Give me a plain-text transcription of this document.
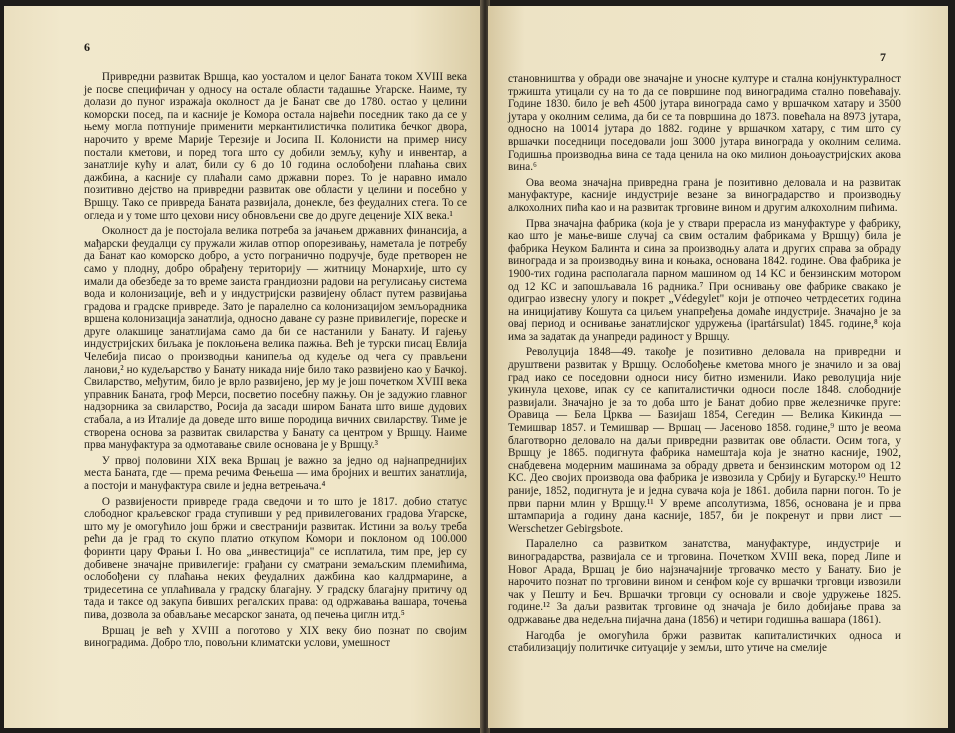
6

Привредни развитак Вршца, као уосталом и целог Баната током XVIII века је посве специфичан у односу на остале области тадашње Угарске. Наиме, ту долази до пуног изражаја околност да је Банат све до 1780. остао у целини коморски посед, па и касније је Комора остала највећи поседник тако да се у њему могла потпуније применити меркантилистичка политика бечког двора, нарочито у време Марије Терезије и Јосипа II. Колонисти на пример нису постали кметови, и поред тога што су добили земљу, кућу и инвентар, а занатлије кућу и алат, били су 6 до 10 година ослобођени плаћања свих дажбина, а касније су плаћали само државни порез. То је наравно имало позитивно дејство на привредни развитак ове области у целини и посебно у Вршцу. Тако се привреда Баната развијала, донекле, без феудалних стега. То се огледа и у томе што цехови нису обновљени све до друге деценије XIX века.¹

Околност да је постојала велика потреба за јачањем државних финансија, а мађарски феудалци су пружали жилав отпор опорезивању, наметала је потребу да Банат као коморско добро, а усто погранично подручје, буде претворен не само у плодну, добро обрађену територију — житницу Монархије, што су имали да обезбеде за то време заиста грандиозни радови на регулисању система вода и колонизације, већ и у индустријски развијену област путем развијања градова и градске привреде. Зато је паралелно са колонизацијом земљорадника вршена колонизација занатлија, односно даване су разне привилегије, пореске и друге олакшице занатлијама само да би се настанили у Банату. И гајењу индустријских биљака је поклоњена велика пажња. Већ је турски писац Евлија Челебија писао о производњи канипеља од кудеље од чега су прављени ланови,² но кудељарство у Банату никада није било тако развијено као у Бачкој. Свиларство, међутим, било је врло развијено, јер му је још почетком XVIII века управник Баната, гроф Мерси, посветио посебну пажњу. Он је задужио главног надзорника за свиларство, Росија да засади широм Баната што више дудових стабала, а из Италије да доведе што више породица вичних свиларству. Тиме је створена основа за развитак свиларства у Банату са центром у Вршцу. Наиме прва мануфактура за одмотавање свиле основана је у Вршцу.³

У првој половини XIX века Вршац је важно за једно од најнапреднијих места Баната, где — према речима Фењеша — има бројних и вештих занатлија, а постоји и мануфактура свиле и једна ветрењача.⁴

О развијености привреде града сведочи и то што је 1817. добио статус слободног краљевског града ступивши у ред привилегованих градова Угарске, што му је омогућило још бржи и свестранији развитак. Истини за вољу треба рећи да је град то скупо платио откупом Комори и поклоном од 100.000 форинти цару Фрањи I. Но ова „инвестиција" се исплатила, тим пре, јер су добивене значајне привилегије: грађани су сматрани земаљским племићима, ослобођени су плаћања неких феудалних дажбина као калдрмарине, а тридесетина се уплаћивала у градску благајну. У градску благајну притичу од тада и таксе од закупа бивших регалских права: од одржавања вашара, точења пива, дозвола за обављање месарског заната, од печења циглн итд.⁵

Вршац је већ у XVIII а поготово у XIX веку био познат по својим виноградима. Добро тло, повољни климатски услови, умешност

7

становништва у обради ове значајне и уносне културе и стална конјунктуралност тржишта утицали су на то да се површине под виноградима стално повећавају. Године 1830. било је већ 4500 јутара винограда само у вршачком хатару и 3500 јутара у околним селима, да би се та површина до 1873. повећала на 8973 јутара, односно на 10014 јутара до 1882. године у вршачком хатару, с тим што су вршачки поседници поседовали још 3000 јутара винограда у околним селима. Годишња производња вина се тада ценила на око милион доњоаустријских акова вина.⁶

Ова веома значајна привредна грана је позитивно деловала и на развитак мануфактуре, касније индустрије везане за виноградарство и производњу алкохолних пића као и на развитак трговине вином и другим алкохолним пићима.

Прва значајна фабрика (која је у ствари прерасла из мануфактуре у фабрику, као што је мање-више случај са свим осталим фабрикама у Вршцу) била је фабрика Неуком Балинта и сина за производњу алата и других справа за обраду винограда и за производњу вина и коњака, основана 1842. године. Ова фабрика је 1900-тих година располагала парном машином од 14 KC и бензинским мотором од 12 KC и запошљавала 16 радника.⁷ При оснивању ове фабрике свакако је одиграо извесну улогу и покрет „Védegylet" који је отпочео четрдесетих година на иницијативу Кошута са циљем унапређења домаће индустрије. Значајно је за овај период и оснивање занатлијског удружења (ipartársulat) 1845. године,⁸ која има за задатак да унапреди радиност у Вршцу.

Револуција 1848—49. такође је позитивно деловала на привредни и друштвени развитак у Вршцу. Ослобођење кметова много је значило и за овај град иако се поседовни односи нису битно изменили. Иако револуција није укинула цехове, ипак су се капиталистички односи после 1848. слободније развијали. Значајно је за то доба што је Банат добио прве железничке пруге: Оравица — Бела Црква — Базијаш 1854, Сегедин — Велика Кикинда — Темишвар 1857. и Темишвар — Вршац — Јасеново 1858. године,⁹ што је веома благотворно деловало на даљи привредни развитак ове области. Осим тога, у Вршцу је 1865. подигнута фабрика намештаја која је знатно касније, 1902, снабдевена модерним машинама за обраду дрвета и бензинским мотором од 12 KC. Део својих производа ова фабрика је извозила у Србију и Бугарску.¹⁰ Нешто раније, 1852, подигнута је и једна сувача која је 1861. добила парни погон. То је први парни млин у Вршцу.¹¹ У време апсолутизма, 1856, основана је и прва штампарија а годину дана касније, 1857, би је покренут и први лист — Werschetzer Gebirgsbote.

Паралелно са развитком занатства, мануфактуре, индустрије и виноградарства, развијала се и трговина. Почетком XVIII века, поред Липе и Новог Арада, Вршац је био најзначајније трговачко место у Банату. Био је нарочито познат по трговини вином и сенфом које су вршачки трговци извозили чак у Пешту и Беч. Вршачки трговци су основали и своје удружење 1825. године.¹² За даљи развитак трговине од значаја је било добијање права за одржавање два недељна пијачна дана (1856) и четири годишња вашара (1861).

Нагодба је омогућила бржи развитак капиталистичких односа и стабилизацију политичке ситуације у земљи, што утиче на смелије
